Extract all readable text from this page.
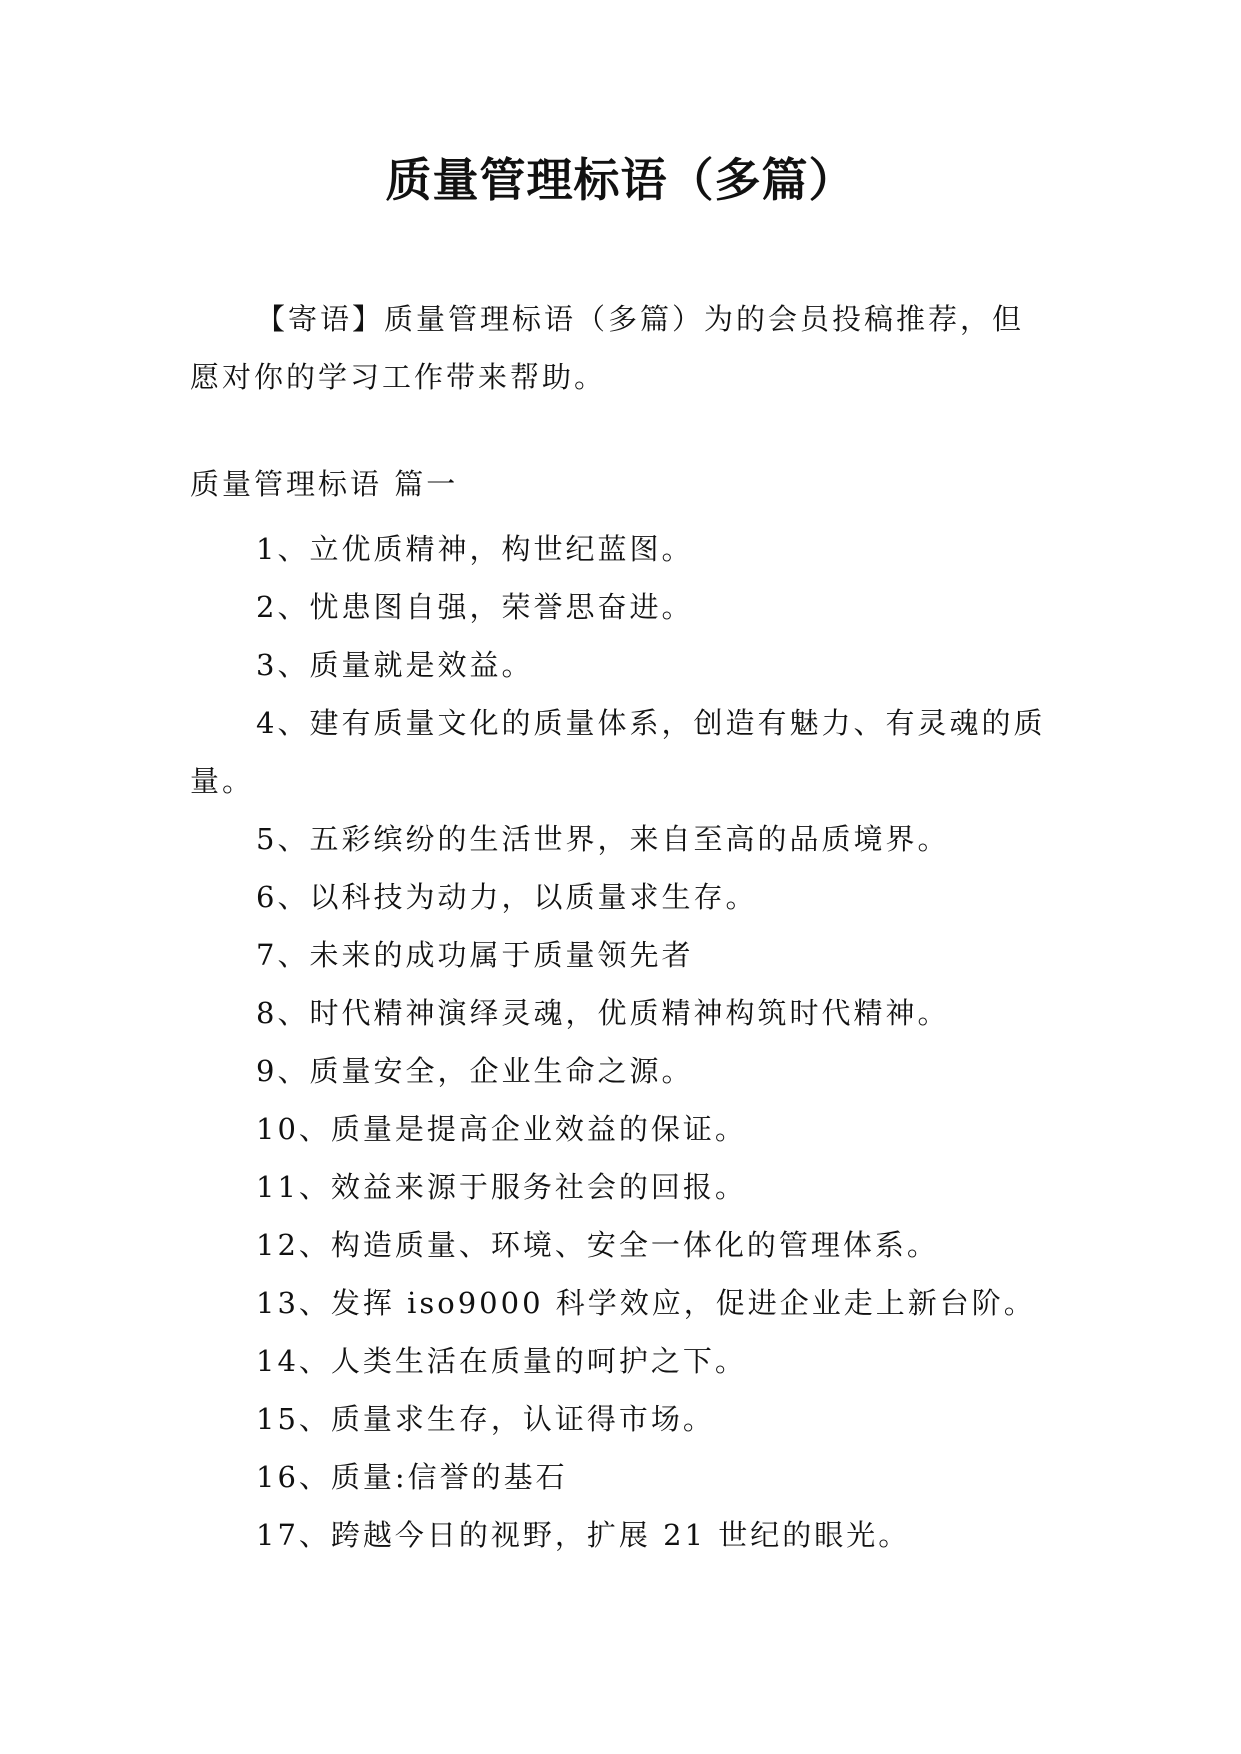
质量管理标语（多篇）

【寄语】质量管理标语（多篇）为的会员投稿推荐，但愿对你的学习工作带来帮助。

质量管理标语 篇一
1、立优质精神，构世纪蓝图。
2、忧患图自强，荣誉思奋进。
3、质量就是效益。
4、建有质量文化的质量体系，创造有魅力、有灵魂的质量。
5、五彩缤纷的生活世界，来自至高的品质境界。
6、以科技为动力，以质量求生存。
7、未来的成功属于质量领先者
8、时代精神演绎灵魂，优质精神构筑时代精神。
9、质量安全，企业生命之源。
10、质量是提高企业效益的保证。
11、效益来源于服务社会的回报。
12、构造质量、环境、安全一体化的管理体系。
13、发挥 iso9000 科学效应，促进企业走上新台阶。
14、人类生活在质量的呵护之下。
15、质量求生存，认证得市场。
16、质量:信誉的基石
17、跨越今日的视野，扩展 21 世纪的眼光。
